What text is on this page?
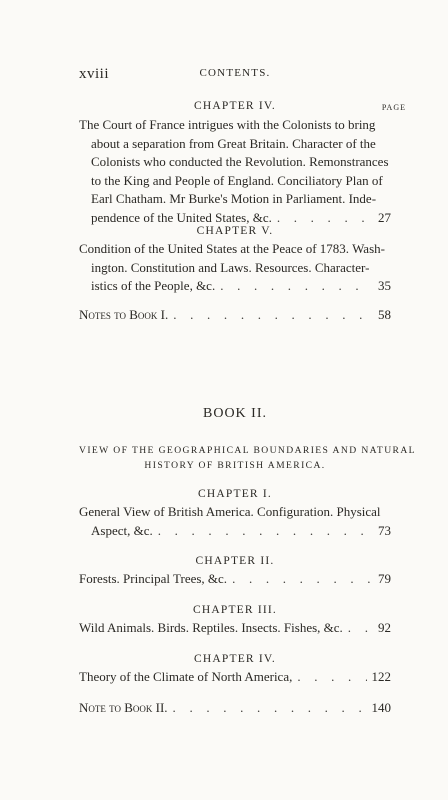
xviii	CONTENTS.
CHAPTER IV.	PAGE
The Court of France intrigues with the Colonists to bring
about a separation from Great Britain. Character of the
Colonists who conducted the Revolution. Remonstrances
to the King and People of England. Conciliatory Plan of
Earl Chatham. Mr Burke's Motion in Parliament. Inde-
pendence of the United States, &c. . . .	27
CHAPTER V.
Condition of the United States at the Peace of 1783. Wash-
ington. Constitution and Laws. Resources. Character-
istics of the People, &c. . . .	35
Notes to Book I. . . .	58
BOOK II.
VIEW OF THE GEOGRAPHICAL BOUNDARIES AND NATURAL
HISTORY OF BRITISH AMERICA.
CHAPTER I.
General View of British America. Configuration. Physical
Aspect, &c. . . .	73
CHAPTER II.
Forests. Principal Trees, &c. . . .	79
CHAPTER III.
Wild Animals. Birds. Reptiles. Insects. Fishes, &c. . . .	92
CHAPTER IV.
Theory of the Climate of North America, . . .	122
Note to Book II. . . .	140
